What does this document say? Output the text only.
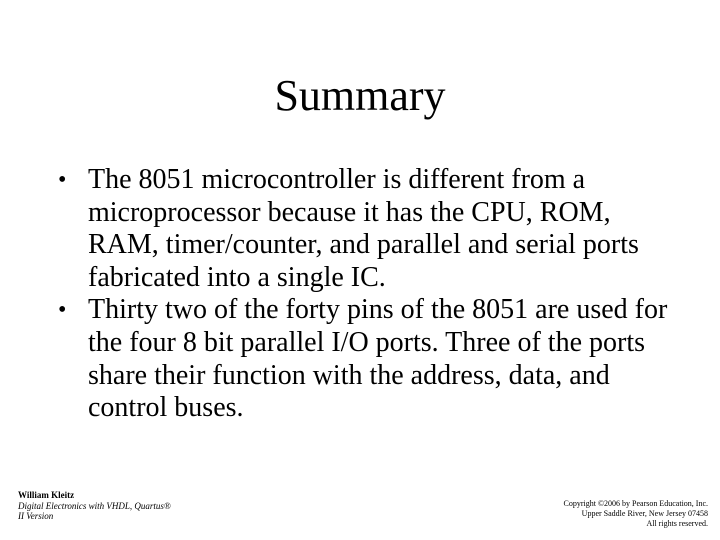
Summary
• The 8051 microcontroller is different from a microprocessor because it has the CPU, ROM, RAM, timer/counter, and parallel and serial ports fabricated into a single IC.
• Thirty two of the forty pins of the 8051 are used for the four 8 bit parallel I/O ports. Three of the ports share their function with the address, data, and control buses.
William Kleitz
Digital Electronics with VHDL, Quartus®
II Version
Copyright ©2006 by Pearson Education, Inc.
Upper Saddle River, New Jersey 07458
All rights reserved.
